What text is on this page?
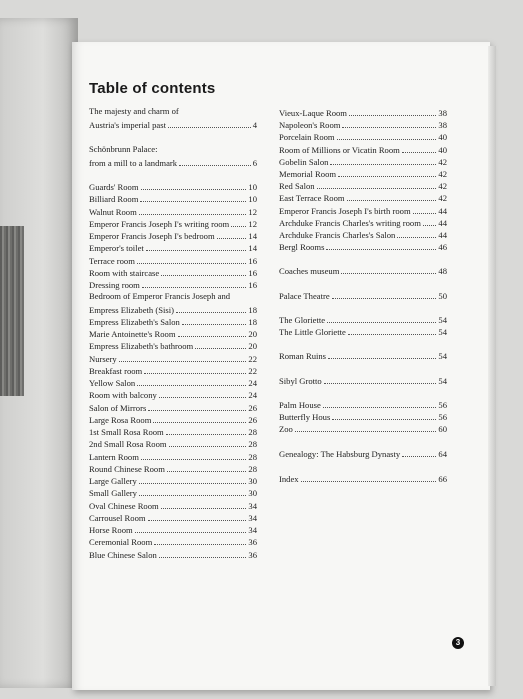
Table of contents
The majesty and charm of
Austria's imperial past	4
Schönbrunn Palace:
from a mill to a landmark	6
Guards' Room	10
Billiard Room	10
Walnut Room	12
Emperor Francis Joseph I's writing room 12
Emperor Francis Joseph I's bedroom	14
Emperor's toilet	14
Terrace room	16
Room with staircase	16
Dressing room	16
Bedroom of Emperor Francis Joseph and
Empress Elizabeth (Sisi)	18
Empress Elizabeth's Salon	18
Marie Antoinette's Room	20
Empress Elizabeth's bathroom	20
Nursery	22
Breakfast room	22
Yellow Salon	24
Room with balcony	24
Salon of Mirrors	26
Large Rosa Room	26
1st Small Rosa Room	28
2nd Small Rosa Room	28
Lantern Room	28
Round Chinese Room	28
Large Gallery	30
Small Gallery	30
Oval Chinese Room	34
Carrousel Room	34
Horse Room	34
Ceremonial Room	36
Blue Chinese Salon	36
Vieux-Laque Room	38
Napoleon's Room	38
Porcelain Room	40
Room of Millions or Vicatin Room	40
Gobelin Salon	42
Memorial Room	42
Red Salon	42
East Terrace Room	42
Emperor Francis Joseph I's birth room	44
Archduke Francis Charles's writing room 44
Archduke Francis Charles's Salon	44
Bergl Rooms	46
Coaches museum	48
Palace Theatre	50
The Gloriette	54
The Little Gloriette	54
Roman Ruins	54
Sibyl Grotto	54
Palm House	56
Butterfly Hous	56
Zoo	60
Genealogy: The Habsburg Dynasty	64
Index	66
3
